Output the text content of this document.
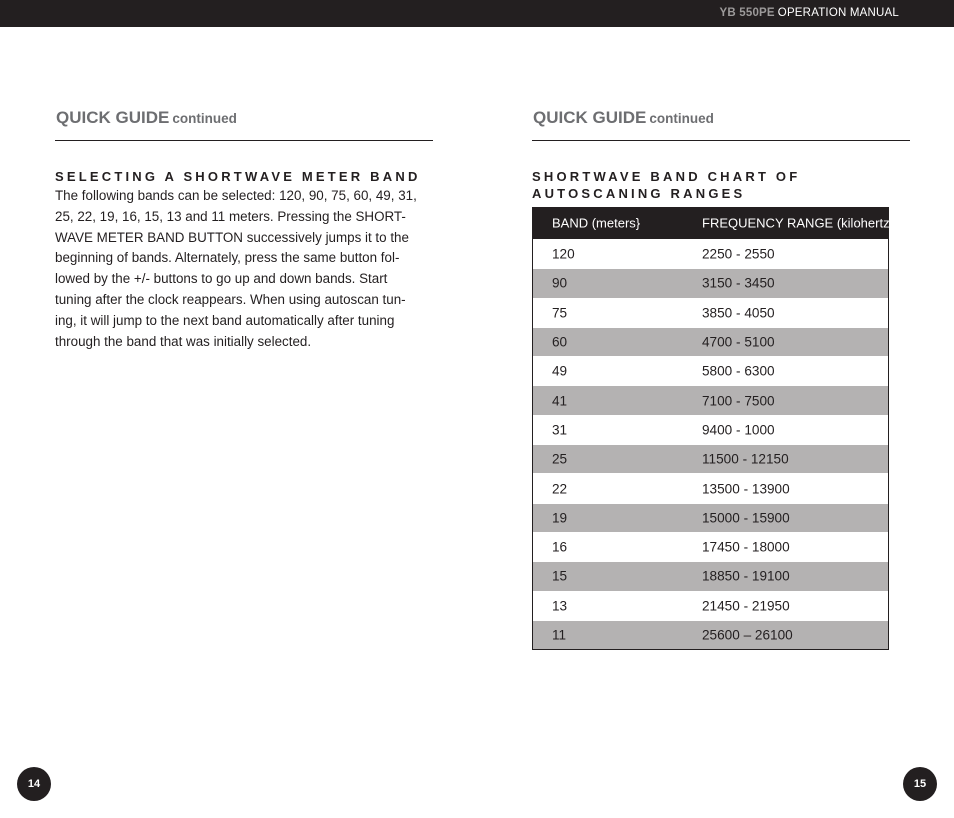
YB 550PE OPERATION MANUAL
QUICK GUIDE continued
SELECTING A SHORTWAVE METER BAND
The following bands can be selected: 120, 90, 75, 60, 49, 31,
25, 22, 19, 16, 15, 13 and 11 meters. Pressing the SHORT-
WAVE METER BAND BUTTON successively jumps it to the
beginning of bands. Alternately, press the same button fol-
lowed by the +/- buttons to go up and down bands. Start
tuning after the clock reappears. When using autoscan tun-
ing, it will jump to the next band automatically after tuning
through the band that was initially selected.
14
QUICK GUIDE continued
SHORTWAVE BAND CHART OF
AUTOSCANING RANGES
BAND (meters}	FREQUENCY RANGE (kilohertz)
120	2250 - 2550
90	3150 - 3450
75	3850 - 4050
60	4700 - 5100
49	5800 - 6300
41	7100 - 7500
31	9400 - 1000
25	11500 - 12150
22	13500 - 13900
19	15000 - 15900
16	17450 - 18000
15	18850 - 19100
13	21450 - 21950
11	25600 – 26100
15
